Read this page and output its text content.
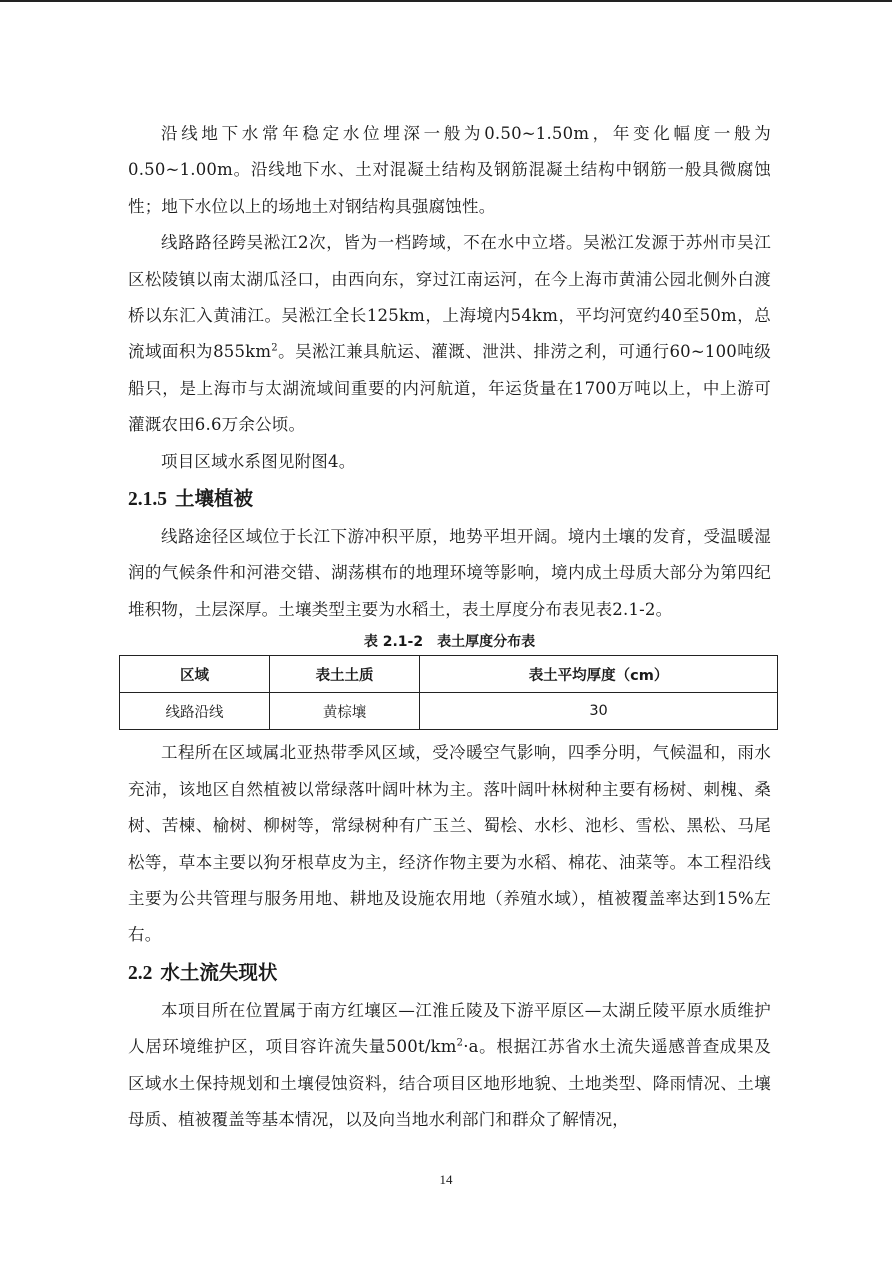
沿线地下水常年稳定水位埋深一般为0.50~1.50m，年变化幅度一般为0.50~1.00m。沿线地下水、土对混凝土结构及钢筋混凝土结构中钢筋一般具微腐蚀性；地下水位以上的场地土对钢结构具强腐蚀性。

线路路径跨吴淞江2次，皆为一档跨域，不在水中立塔。吴淞江发源于苏州市吴江区松陵镇以南太湖瓜泾口，由西向东，穿过江南运河，在今上海市黄浦公园北侧外白渡桥以东汇入黄浦江。吴淞江全长125km，上海境内54km，平均河宽约40至50m，总流域面积为$855km^2$。吴淞江兼具航运、灌溉、泄洪、排涝之利，可通行60~100吨级船只，是上海市与太湖流域间重要的内河航道，年运货量在1700万吨以上，中上游可灌溉农田6.6万余公顷。

项目区域水系图见附图4。

2.1.5 土壤植被

线路途径区域位于长江下游冲积平原，地势平坦开阔。境内土壤的发育，受温暖湿润的气候条件和河港交错、湖荡棋布的地理环境等影响，境内成土母质大部分为第四纪堆积物，土层深厚。土壤类型主要为水稻土，表土厚度分布表见表2.1-2。

表 2.1-2　表土厚度分布表
区域	表土土质	表土平均厚度（cm）
线路沿线	黄棕壤	30

工程所在区域属北亚热带季风区域，受冷暖空气影响，四季分明，气候温和，雨水充沛，该地区自然植被以常绿落叶阔叶林为主。落叶阔叶林树种主要有杨树、刺槐、桑树、苦楝、榆树、柳树等，常绿树种有广玉兰、蜀桧、水杉、池杉、雪松、黑松、马尾松等，草本主要以狗牙根草皮为主，经济作物主要为水稻、棉花、油菜等。本工程沿线主要为公共管理与服务用地、耕地及设施农用地（养殖水域），植被覆盖率达到15%左右。

2.2 水土流失现状

本项目所在位置属于南方红壤区—江淮丘陵及下游平原区—太湖丘陵平原水质维护人居环境维护区，项目容许流失量$500t/km^2\cdot a$。根据江苏省水土流失遥感普查成果及区域水土保持规划和土壤侵蚀资料，结合项目区地形地貌、土地类型、降雨情况、土壤母质、植被覆盖等基本情况，以及向当地水利部门和群众了解情况，

14
